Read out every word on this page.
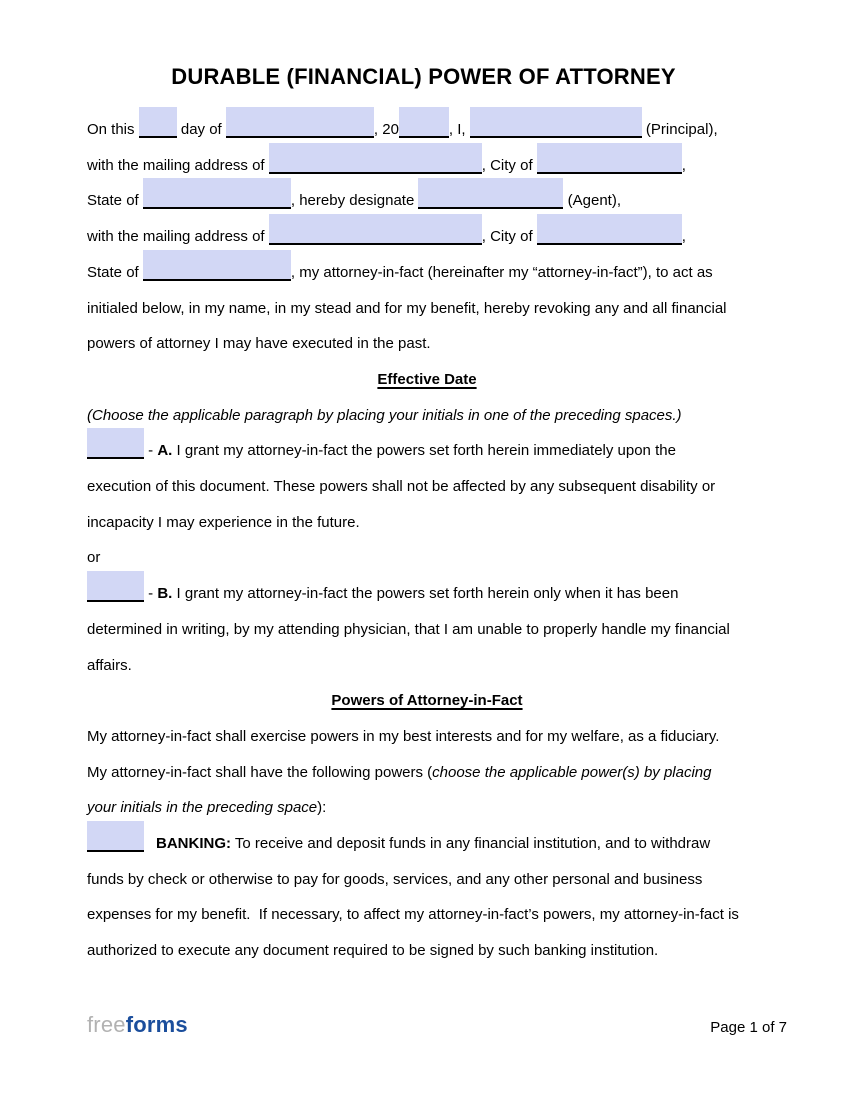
DURABLE (FINANCIAL) POWER OF ATTORNEY
On this	day of	, 20	, I,	(Principal),
with the mailing address of	, City of	,
State of	, hereby designate	(Agent),
with the mailing address of	, City of	,
State of	, my attorney-in-fact (hereinafter my “attorney-in-fact”), to act as
initialed below, in my name, in my stead and for my benefit, hereby revoking any and all financial
powers of attorney I may have executed in the past.
Effective Date
(Choose the applicable paragraph by placing your initials in one of the preceding spaces.)
- A. I grant my attorney-in-fact the powers set forth herein immediately upon the
execution of this document. These powers shall not be affected by any subsequent disability or
incapacity I may experience in the future.
or
- B. I grant my attorney-in-fact the powers set forth herein only when it has been
determined in writing, by my attending physician, that I am unable to properly handle my financial
affairs.
Powers of Attorney-in-Fact
My attorney-in-fact shall exercise powers in my best interests and for my welfare, as a fiduciary.
My attorney-in-fact shall have the following powers (choose the applicable power(s) by placing
your initials in the preceding space):
BANKING: To receive and deposit funds in any financial institution, and to withdraw
funds by check or otherwise to pay for goods, services, and any other personal and business
expenses for my benefit.  If necessary, to affect my attorney-in-fact’s powers, my attorney-in-fact is
authorized to execute any document required to be signed by such banking institution.
freeforms	Page 1 of 7
